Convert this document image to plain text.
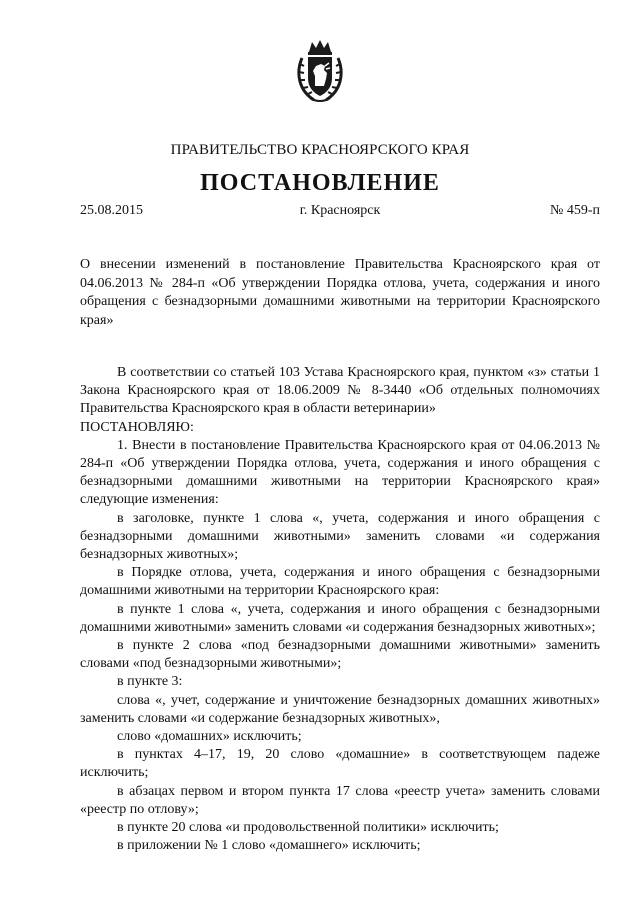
ПРАВИТЕЛЬСТВО КРАСНОЯРСКОГО КРАЯ
ПОСТАНОВЛЕНИЕ
25.08.2015	г. Красноярск	№ 459-п
О внесении изменений в постановление Правительства Красноярского края от 04.06.2013 № 284-п «Об утверждении Порядка отлова, учета, содержания и иного обращения с безнадзорными домашними животными на территории Красноярского края»

В соответствии со статьей 103 Устава Красноярского края, пунктом «з» статьи 1 Закона Красноярского края от 18.06.2009 № 8-3440 «Об отдельных полномочиях Правительства Красноярского края в области ветеринарии»

ПОСТАНОВЛЯЮ:

1. Внести в постановление Правительства Красноярского края от 04.06.2013 № 284-п «Об утверждении Порядка отлова, учета, содержания и иного обращения с безнадзорными домашними животными на территории Красноярского края» следующие изменения:

в заголовке, пункте 1 слова «, учета, содержания и иного обращения с безнадзорными домашними животными» заменить словами «и содержания безнадзорных животных»;

в Порядке отлова, учета, содержания и иного обращения с безнадзорными домашними животными на территории Красноярского края:

в пункте 1 слова «, учета, содержания и иного обращения с безнадзорными домашними животными» заменить словами «и содержания безнадзорных животных»;

в пункте 2 слова «под безнадзорными домашними животными» заменить словами «под безнадзорными животными»;

в пункте 3:

слова «, учет, содержание и уничтожение безнадзорных домашних животных» заменить словами «и содержание безнадзорных животных»,

слово «домашних» исключить;

в пунктах 4–17, 19, 20 слово «домашние» в соответствующем падеже исключить;

в абзацах первом и втором пункта 17 слова «реестр учета» заменить словами «реестр по отлову»;

в пункте 20 слова «и продовольственной политики» исключить;

в приложении № 1 слово «домашнего» исключить;
